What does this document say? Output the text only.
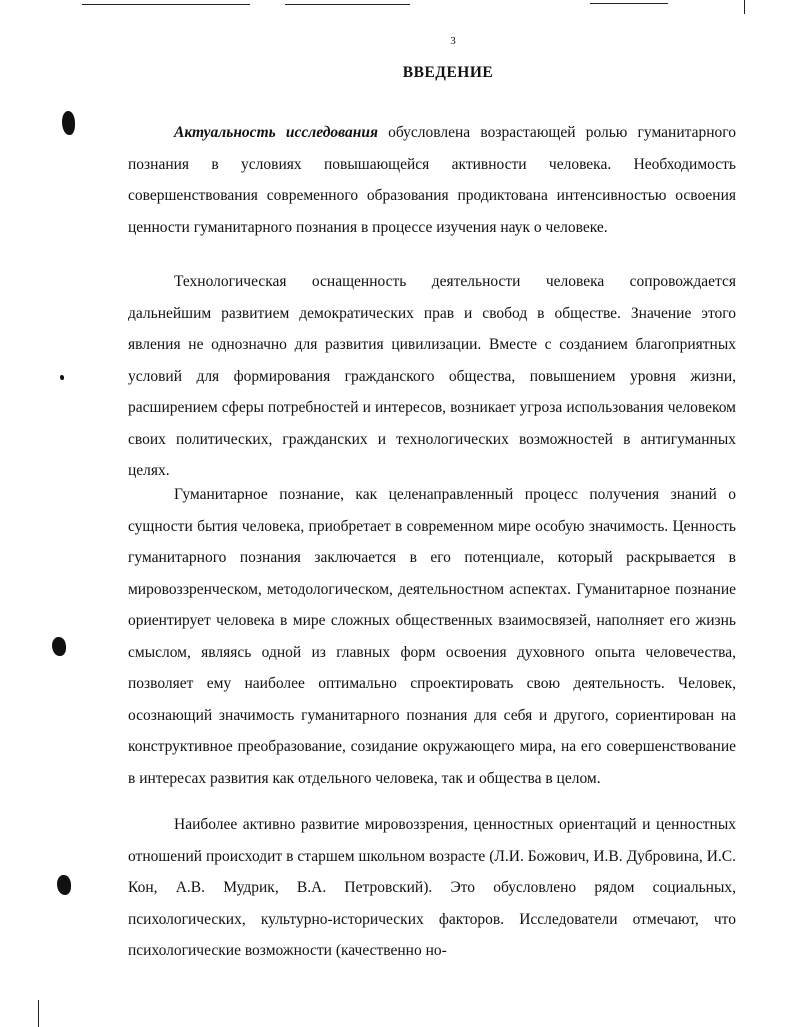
3
ВВЕДЕНИЕ

Актуальность исследования обусловлена возрастающей ролью гуманитарного познания в условиях повышающейся активности человека. Необходимость совершенствования современного образования продиктована интенсивностью освоения ценности гуманитарного познания в процессе изучения наук о человеке.

Технологическая оснащенность деятельности человека сопровождается дальнейшим развитием демократических прав и свобод в обществе. Значение этого явления не однозначно для развития цивилизации. Вместе с созданием благоприятных условий для формирования гражданского общества, повышением уровня жизни, расширением сферы потребностей и интересов, возникает угроза использования человеком своих политических, гражданских и технологических возможностей в антигуманных целях.

Гуманитарное познание, как целенаправленный процесс получения знаний о сущности бытия человека, приобретает в современном мире особую значимость. Ценность гуманитарного познания заключается в его потенциале, который раскрывается в мировоззренческом, методологическом, деятельностном аспектах. Гуманитарное познание ориентирует человека в мире сложных общественных взаимосвязей, наполняет его жизнь смыслом, являясь одной из главных форм освоения духовного опыта человечества, позволяет ему наиболее оптимально спроектировать свою деятельность. Человек, осознающий значимость гуманитарного познания для себя и другого, сориентирован на конструктивное преобразование, созидание окружающего мира, на его совершенствование в интересах развития как отдельного человека, так и общества в целом.

Наиболее активно развитие мировоззрения, ценностных ориентаций и ценностных отношений происходит в старшем школьном возрасте (Л.И. Божович, И.В. Дубровина, И.С. Кон, А.В. Мудрик, В.А. Петровский). Это обусловлено рядом социальных, психологических, культурно-исторических факторов. Исследователи отмечают, что психологические возможности (качественно но-
